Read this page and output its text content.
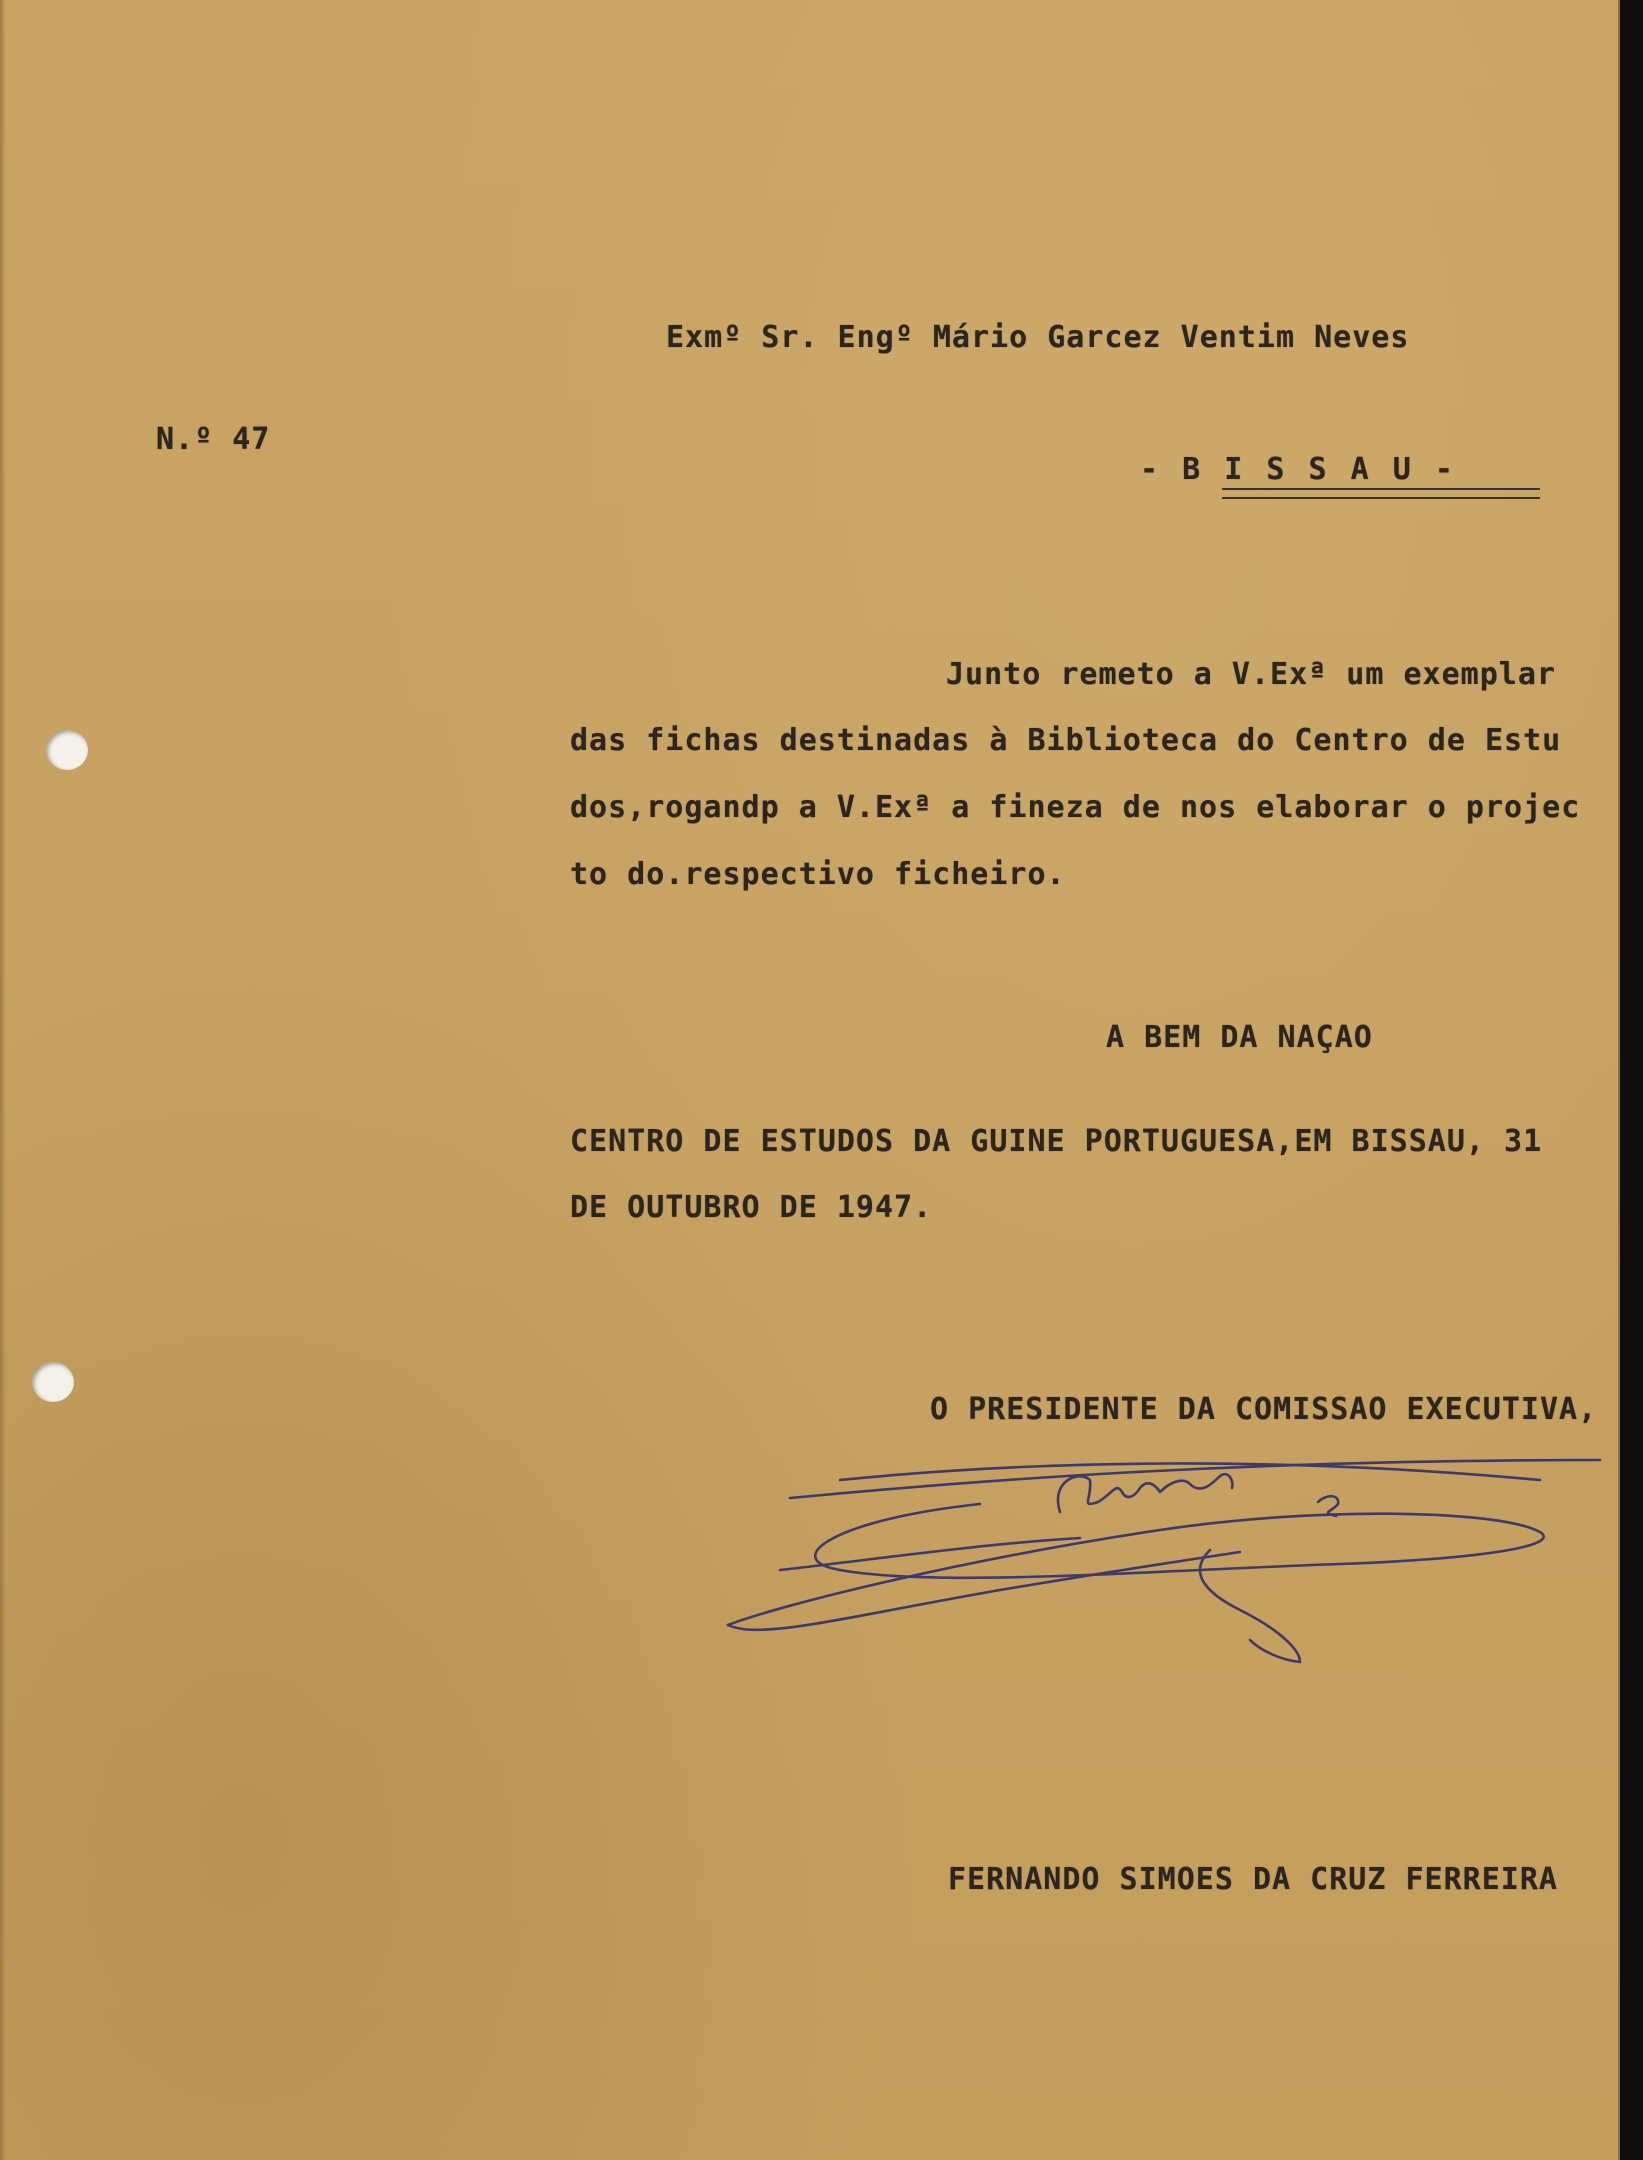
N.º 47
Exmº Sr. Engº Mário Garcez Ventim Neves
- B I S S A U -
Junto remeto a V.Exª um exemplar
das fichas destinadas à Biblioteca do Centro de Estu
dos,rogandp a V.Exª a fineza de nos elaborar o projec
to do.respectivo ficheiro.
A BEM DA NAÇAO
CENTRO DE ESTUDOS DA GUINE PORTUGUESA,EM BISSAU, 31
DE OUTUBRO DE 1947.
O PRESIDENTE DA COMISSAO EXECUTIVA,
FERNANDO SIMOES DA CRUZ FERREIRA
